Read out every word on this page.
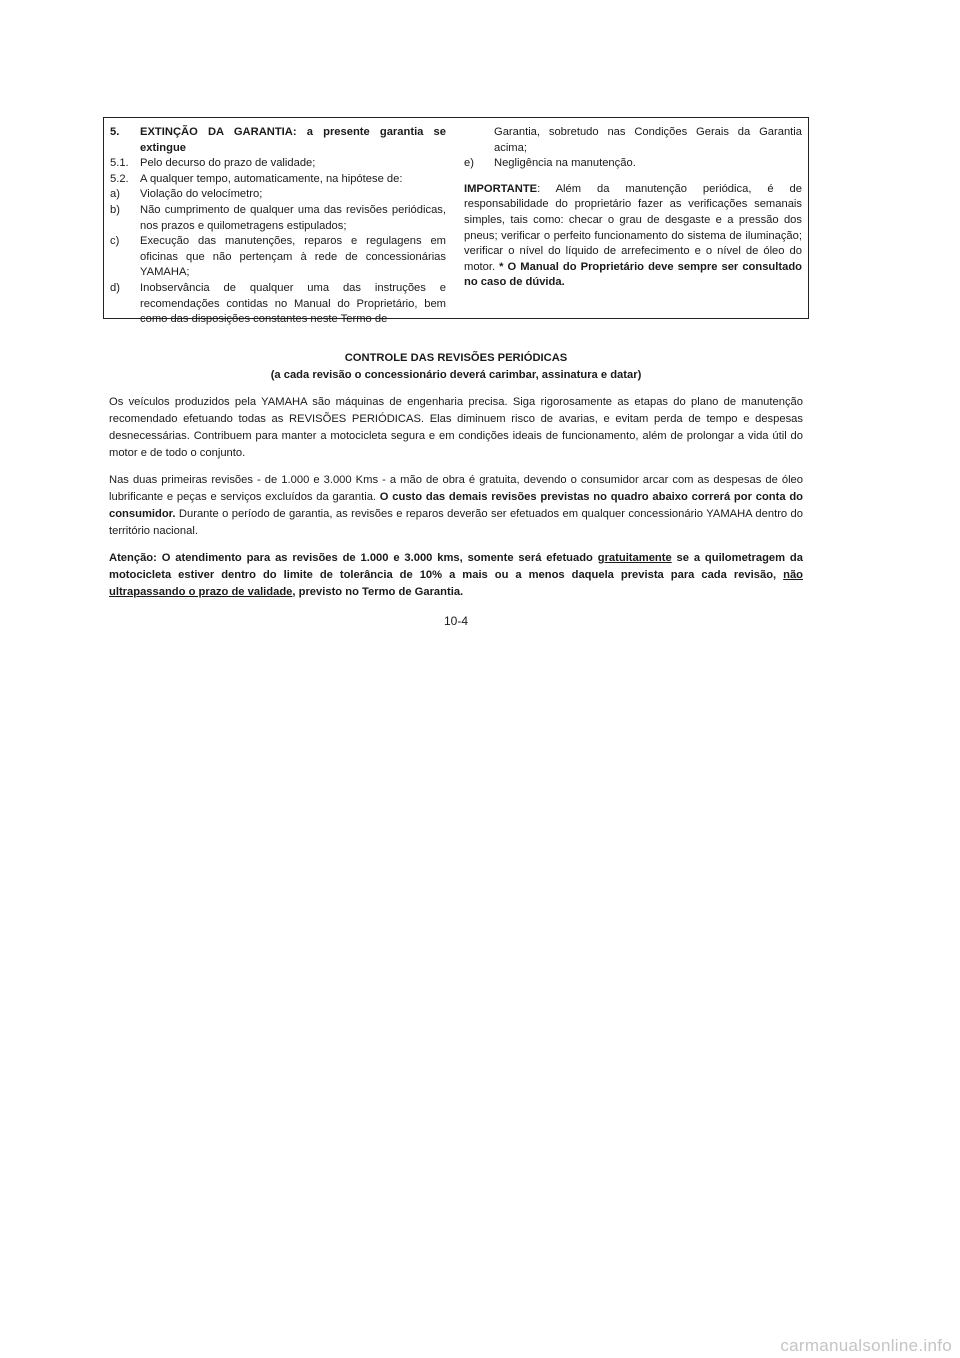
5.	EXTINÇÃO DA GARANTIA: a presente garantia se extingue
5.1.	Pelo decurso do prazo de validade;
5.2.	A qualquer tempo, automaticamente, na hipótese de:
a)	Violação do velocímetro;
b)	Não cumprimento de qualquer uma das revisões periódicas, nos prazos e quilometragens estipulados;
c)	Execução das manutenções, reparos e regulagens em oficinas que não pertençam à rede de concessionárias YAMAHA;
d)	Inobservância de qualquer uma das instruções e recomendações contidas no Manual do Proprietário, bem como das disposições constantes neste Termo de
Garantia, sobretudo nas Condições Gerais da Garantia acima;
e)	Negligência na manutenção.
IMPORTANTE: Além da manutenção periódica, é de responsabilidade do proprietário fazer as verificações semanais simples, tais como: checar o grau de desgaste e a pressão dos pneus; verificar o perfeito funcionamento do sistema de iluminação; verificar o nível do líquido de arrefecimento e o nível de óleo do motor. * O Manual do Proprietário deve sempre ser consultado no caso de dúvida.
CONTROLE DAS REVISÕES PERIÓDICAS
(a cada revisão o concessionário deverá carimbar, assinatura e datar)

Os veículos produzidos pela YAMAHA são máquinas de engenharia precisa. Siga rigorosamente as etapas do plano de manutenção recomendado efetuando todas as REVISÕES PERIÓDICAS. Elas diminuem risco de avarias, e evitam perda de tempo e despesas desnecessárias. Contribuem para manter a motocicleta segura e em condições ideais de funcionamento, além de prolongar a vida útil do motor e de todo o conjunto.

Nas duas primeiras revisões - de 1.000 e 3.000 Kms - a mão de obra é gratuita, devendo o consumidor arcar com as despesas de óleo lubrificante e peças e serviços excluídos da garantia. O custo das demais revisões previstas no quadro abaixo correrá por conta do consumidor. Durante o período de garantia, as revisões e reparos deverão ser efetuados em qualquer concessionário YAMAHA dentro do território nacional.

Atenção: O atendimento para as revisões de 1.000 e 3.000 kms, somente será efetuado gratuitamente se a quilometragem da motocicleta estiver dentro do limite de tolerância de 10% a mais ou a menos daquela prevista para cada revisão, não ultrapassando o prazo de validade, previsto no Termo de Garantia.

10-4
carmanualsonline.info
